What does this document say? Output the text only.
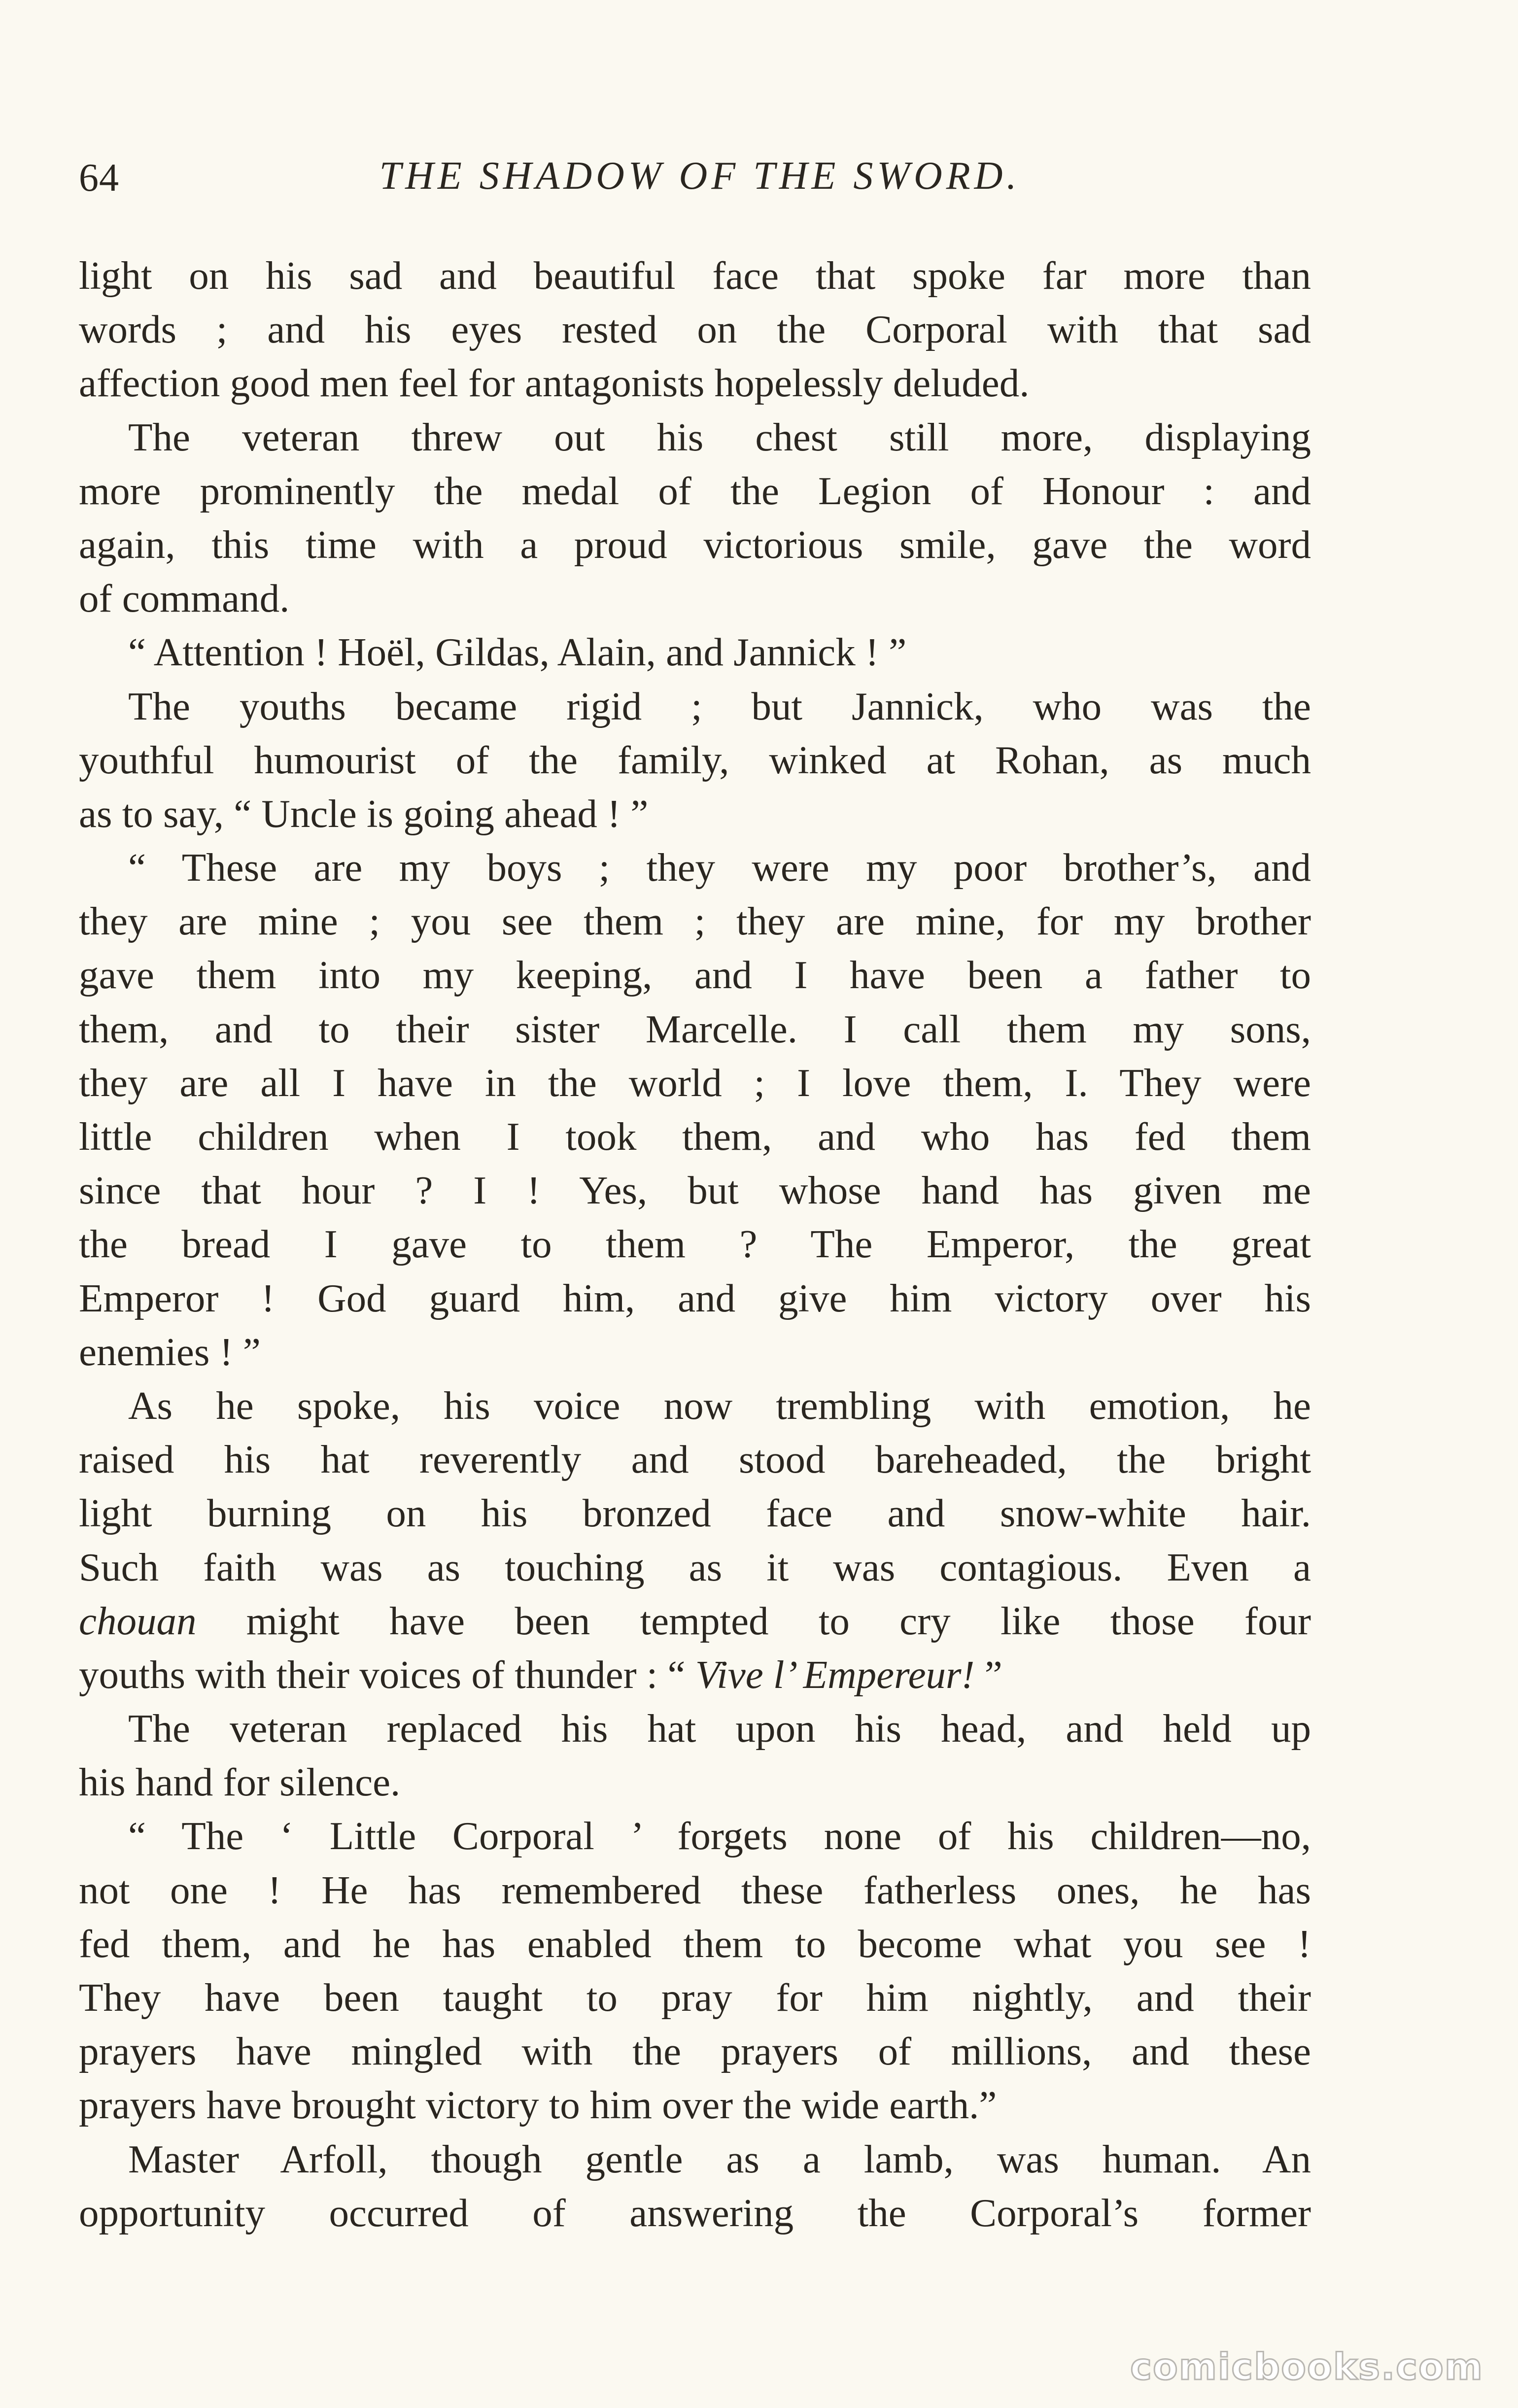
64	THE SHADOW OF THE SWORD.
light on his sad and beautiful face that spoke far more than
words ; and his eyes rested on the Corporal with that sad
affection good men feel for antagonists hopelessly deluded.
The veteran threw out his chest still more, displaying
more prominently the medal of the Legion of Honour : and
again, this time with a proud victorious smile, gave the word
of command.
“ Attention ! Hoël, Gildas, Alain, and Jannick ! ”
The youths became rigid ; but Jannick, who was the
youthful humourist of the family, winked at Rohan, as much
as to say, “ Uncle is going ahead ! ”
“ These are my boys ; they were my poor brother’s, and
they are mine ; you see them ; they are mine, for my brother
gave them into my keeping, and I have been a father to
them, and to their sister Marcelle. I call them my sons,
they are all I have in the world ; I love them, I. They were
little children when I took them, and who has fed them
since that hour ? I ! Yes, but whose hand has given me
the bread I gave to them ? The Emperor, the great
Emperor ! God guard him, and give him victory over his
enemies ! ”
As he spoke, his voice now trembling with emotion, he
raised his hat reverently and stood bareheaded, the bright
light burning on his bronzed face and snow-white hair.
Such faith was as touching as it was contagious. Even a
chouan might have been tempted to cry like those four
youths with their voices of thunder : “ Vive l’ Empereur! ”
The veteran replaced his hat upon his head, and held up
his hand for silence.
“ The ‘ Little Corporal ’ forgets none of his children—no,
not one ! He has remembered these fatherless ones, he has
fed them, and he has enabled them to become what you see !
They have been taught to pray for him nightly, and their
prayers have mingled with the prayers of millions, and these
prayers have brought victory to him over the wide earth.”
Master Arfoll, though gentle as a lamb, was human. An
opportunity occurred of answering the Corporal’s former
comicbooks.com
